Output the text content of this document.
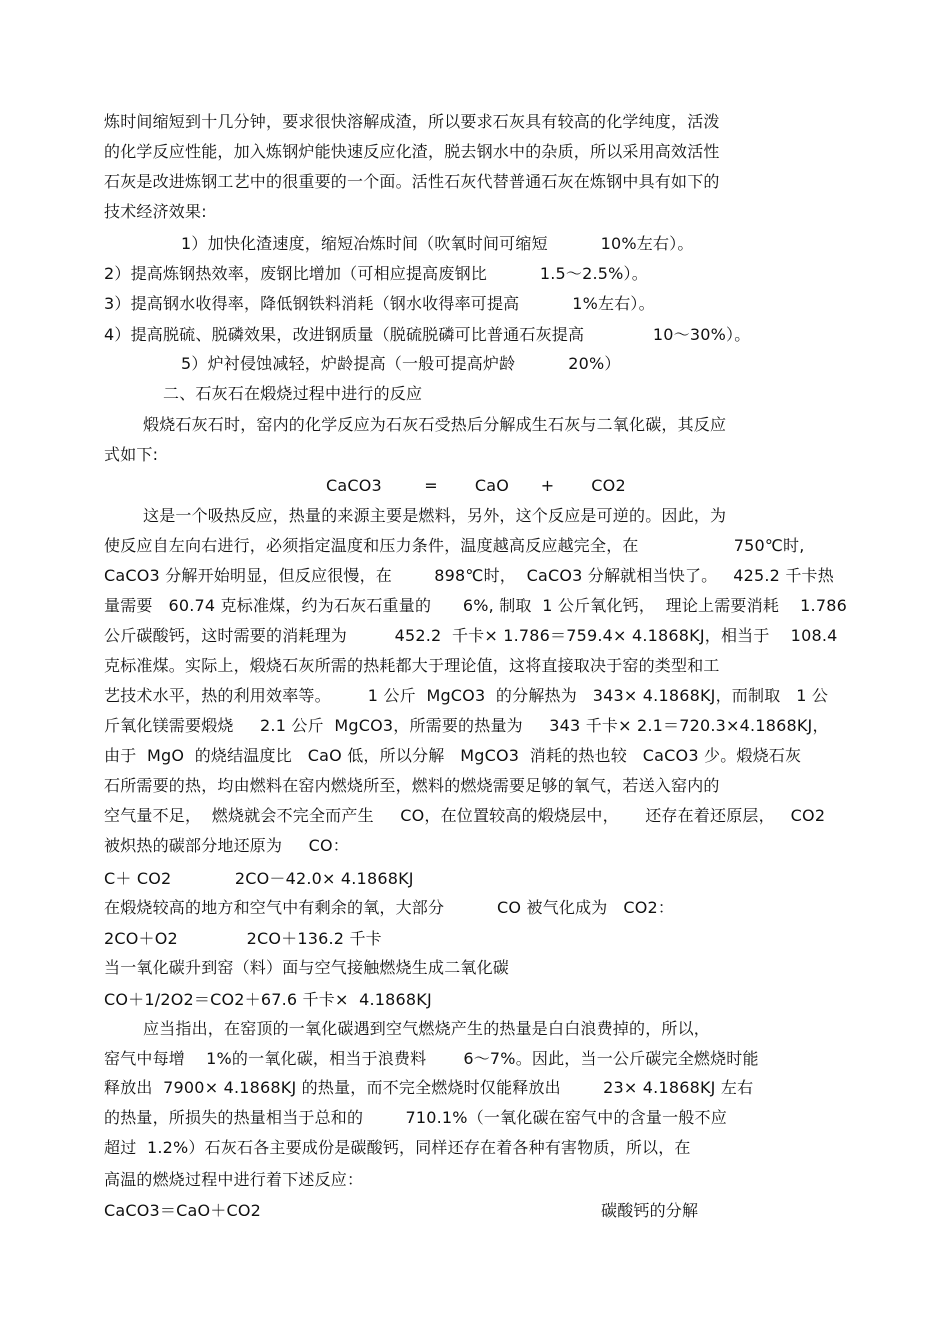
炼时间缩短到十几分钟，要求很快溶解成渣，所以要求石灰具有较高的化学纯度，活泼
的化学反应性能，加入炼钢炉能快速反应化渣，脱去钢水中的杂质，所以采用高效活性
石灰是改进炼钢工艺中的很重要的一个面。活性石灰代替普通石灰在炼钢中具有如下的
技术经济效果:
1）加快化渣速度，缩短冶炼时间（吹氧时间可缩短          10%左右）。
2）提高炼钢热效率，废钢比增加（可相应提高废钢比          1.5～2.5%）。
3）提高钢水收得率，降低钢铁料消耗（钢水收得率可提高          1%左右）。
4）提高脱硫、脱磷效果，改进钢质量（脱硫脱磷可比普通石灰提高             10～30%）。
5）炉衬侵蚀减轻，炉龄提高（一般可提高炉龄          20%）
二、石灰石在煅烧过程中进行的反应
煅烧石灰石时，窑内的化学反应为石灰石受热后分解成生石灰与二氧化碳，其反应
式如下:
CaCO3        =       CaO      +       CO2
这是一个吸热反应，热量的来源主要是燃料，另外，这个反应是可逆的。因此，为
使反应自左向右进行，必须指定温度和压力条件，温度越高反应越完全，在                  750℃时,
CaCO3 分解开始明显，但反应很慢，在        898℃时，  CaCO3 分解就相当快了。   425.2 千卡热
量需要   60.74 克标准煤，约为石灰石重量的      6%, 制取  1 公斤氧化钙，  理论上需要消耗    1.786
公斤碳酸钙，这时需要的消耗理为         452.2  千卡× 1.786＝759.4× 4.1868KJ，相当于    108.4
克标准煤。实际上，煅烧石灰所需的热耗都大于理论值，这将直接取决于窑的类型和工
艺技术水平，热的利用效率等。       1 公斤  MgCO3  的分解热为   343× 4.1868KJ，而制取   1 公
斤氧化镁需要煅烧     2.1 公斤  MgCO3，所需要的热量为     343 千卡× 2.1＝720.3×4.1868KJ，
由于  MgO  的烧结温度比   CaO 低，所以分解   MgCO3  消耗的热也较   CaCO3 少。煅烧石灰
石所需要的热，均由燃料在窑内燃烧所至，燃料的燃烧需要足够的氧气，若送入窑内的
空气量不足，  燃烧就会不完全而产生     CO，在位置较高的煅烧层中，     还存在着还原层，   CO2
被炽热的碳部分地还原为     CO：
C＋ CO2            2CO－42.0× 4.1868KJ
在煅烧较高的地方和空气中有剩余的氧，大部分          CO 被气化成为   CO2：
2CO＋O2             2CO＋136.2 千卡
当一氧化碳升到窑（料）面与空气接触燃烧生成二氧化碳
CO＋1/2O2＝CO2＋67.6 千卡×  4.1868KJ
应当指出，在窑顶的一氧化碳遇到空气燃烧产生的热量是白白浪费掉的，所以，
窑气中每增    1%的一氧化碳，相当于浪费料       6～7%。因此，当一公斤碳完全燃烧时能
释放出  7900× 4.1868KJ 的热量，而不完全燃烧时仅能释放出        23× 4.1868KJ 左右
的热量，所损失的热量相当于总和的        710.1%（一氧化碳在窑气中的含量一般不应
超过  1.2%）石灰石各主要成份是碳酸钙，同样还存在着各种有害物质，所以，在
高温的燃烧过程中进行着下述反应：
CaCO3＝CaO＋CO2	碳酸钙的分解
